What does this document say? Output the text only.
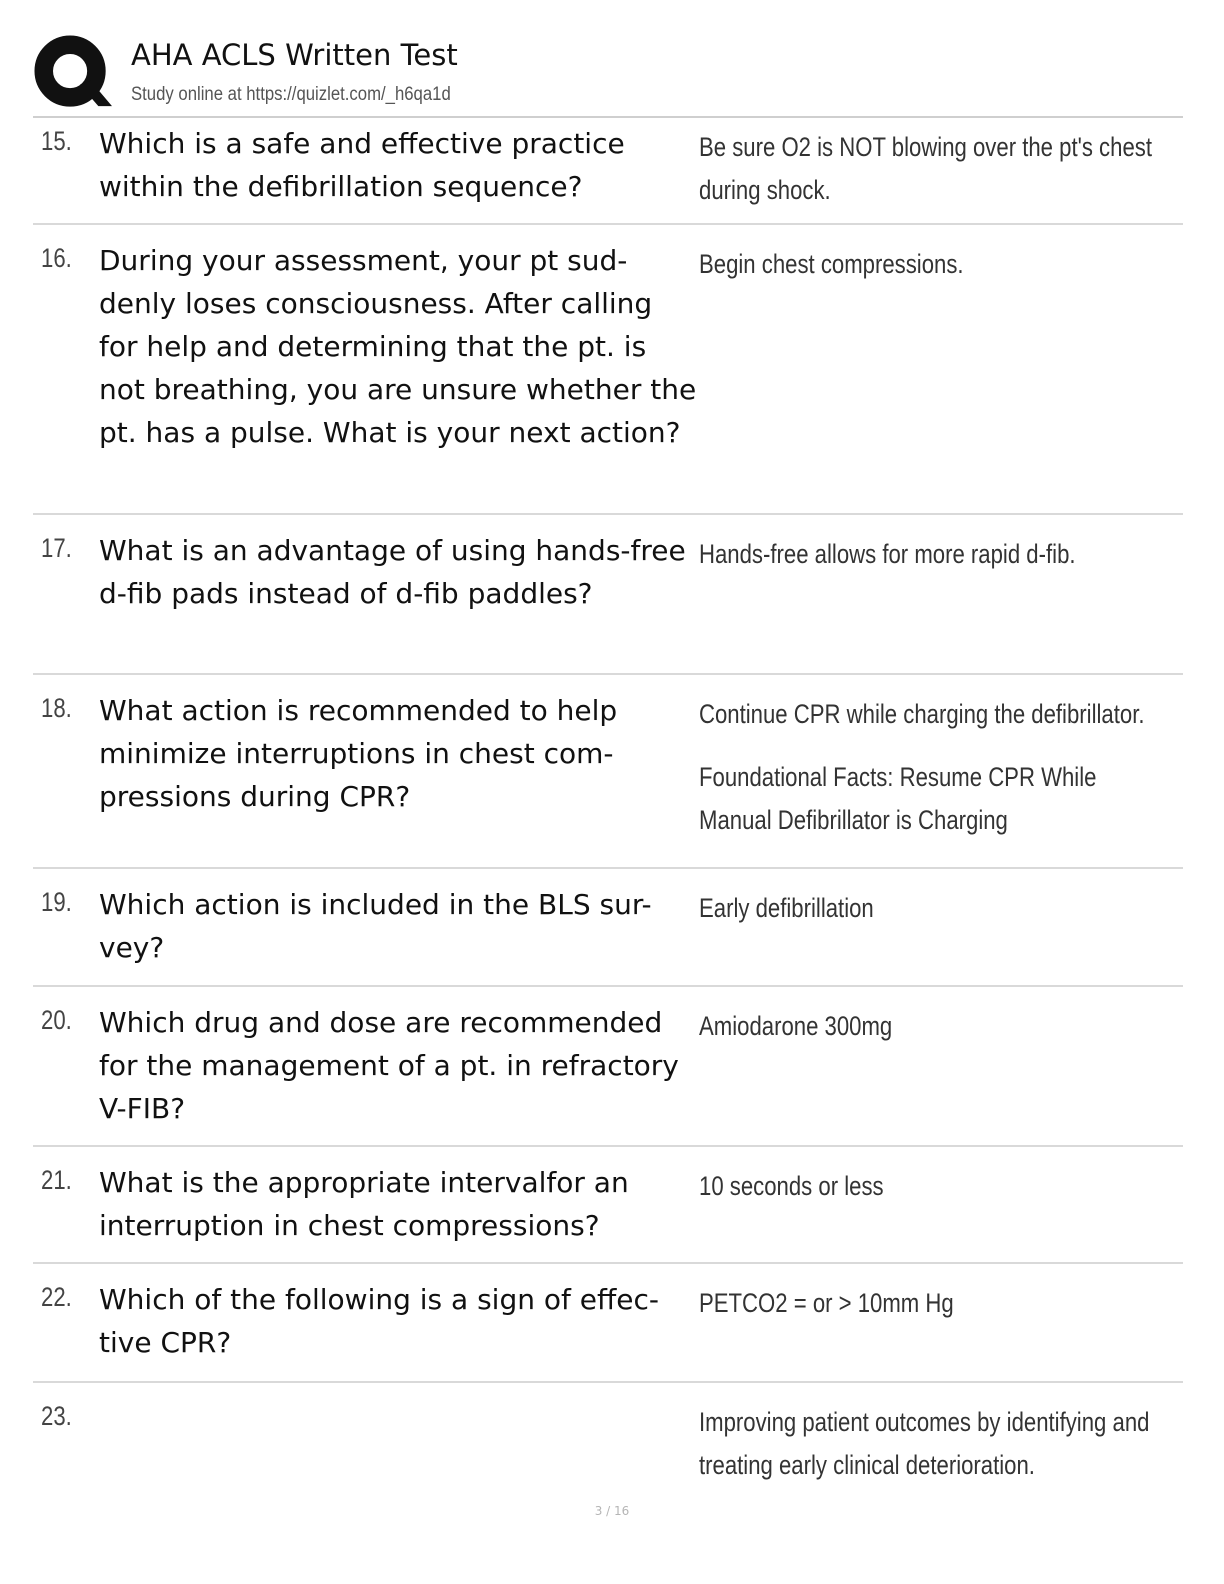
AHA ACLS Written Test
Study online at https://quizlet.com/_h6qa1d
15. Which is a safe and effective practice within the defibrillation sequence?
Be sure O2 is NOT blowing over the pt's chest during shock.
16. During your assessment, your pt sud-denly loses consciousness. After calling for help and determining that the pt. is not breathing, you are unsure whether the pt. has a pulse. What is your next action?
Begin chest compressions.
17. What is an advantage of using hands-free d-fib pads instead of d-fib paddles?
Hands-free allows for more rapid d-fib.
18. What action is recommended to help minimize interruptions in chest com-pressions during CPR?
Continue CPR while charging the defibrillator.
Foundational Facts: Resume CPR While Manual Defibrillator is Charging
19. Which action is included in the BLS sur-vey?
Early defibrillation
20. Which drug and dose are recommended for the management of a pt. in refractory V-FIB?
Amiodarone 300mg
21. What is the appropriate intervalfor an interruption in chest compressions?
10 seconds or less
22. Which of the following is a sign of effec-tive CPR?
PETCO2 = or > 10mm Hg
23.	Improving patient outcomes by identifying and treating early clinical deterioration.
3 / 16
